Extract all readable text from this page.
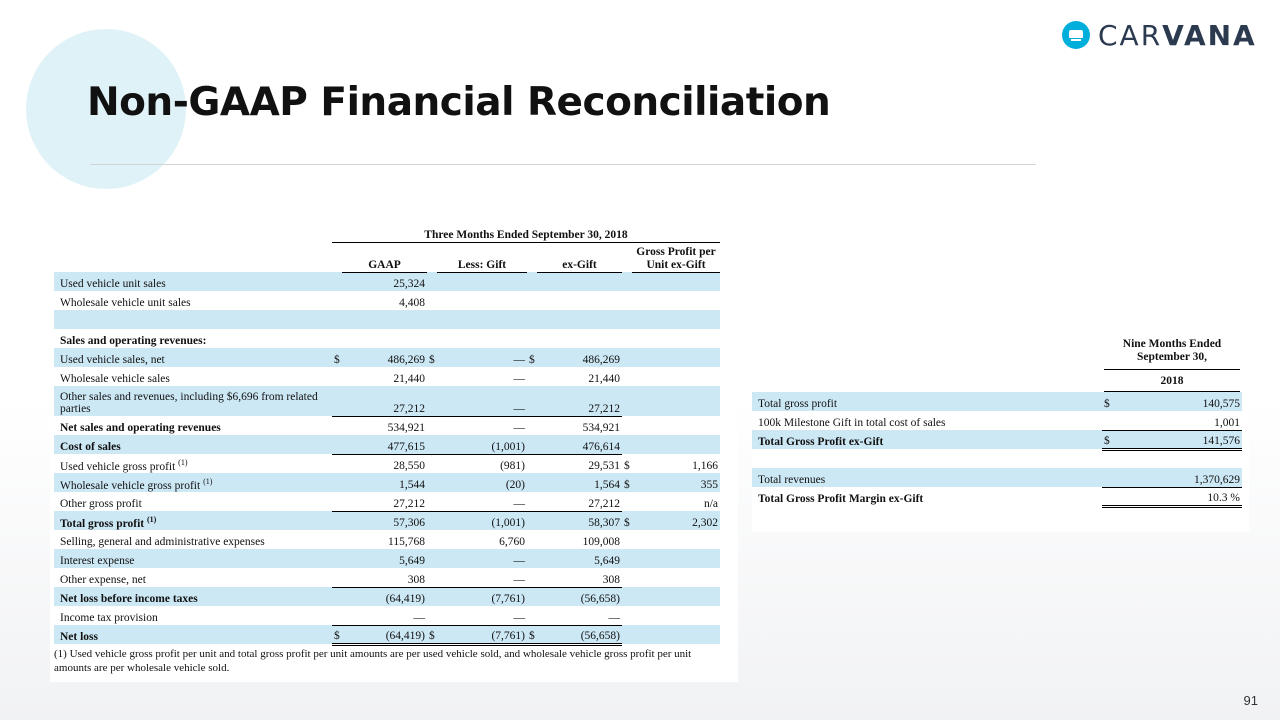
Non-GAAP Financial Reconciliation
CARVANA
	Three Months Ended September 30, 2018							
		GAAP		Less: Gift		ex-Gift		Gross Profit per Unit ex-Gift
Used vehicle unit sales		25,324						
Wholesale vehicle unit sales		4,408						

Sales and operating revenues:								
Used vehicle sales, net	$	486,269	$	—	$	486,269		
Wholesale vehicle sales		21,440		—		21,440		
Other sales and revenues, including $6,696 from related parties		27,212		—		27,212		
Net sales and operating revenues		534,921		—		534,921		
Cost of sales		477,615		(1,001)		476,614		
Used vehicle gross profit $^{(1)}$		28,550		(981)		29,531	$	1,166
Wholesale vehicle gross profit $^{(1)}$		1,544		(20)		1,564	$	355
Other gross profit		27,212		—		27,212		n/a
Total gross profit $^{(1)}$		57,306		(1,001)		58,307	$	2,302
Selling, general and administrative expenses		115,768		6,760		109,008		
Interest expense		5,649		—		5,649		
Other expense, net		308		—		308		
Net loss before income taxes		(64,419)		(7,761)		(56,658)		
Income tax provision		—		—		—		
Net loss	$	(64,419)	$	(7,761)	$	(56,658)		
(1) Used vehicle gross profit per unit and total gross profit per unit amounts are per used vehicle sold, and wholesale vehicle gross profit per unit amounts are per wholesale vehicle sold.

	Nine Months Ended
September 30,
2018	

Total gross profit	$	140,575
100k Milestone Gift in total cost of sales		1,001
Total Gross Profit ex-Gift	$	141,576

Total revenues		1,370,629
Total Gross Profit Margin ex-Gift		10.3 %
91
